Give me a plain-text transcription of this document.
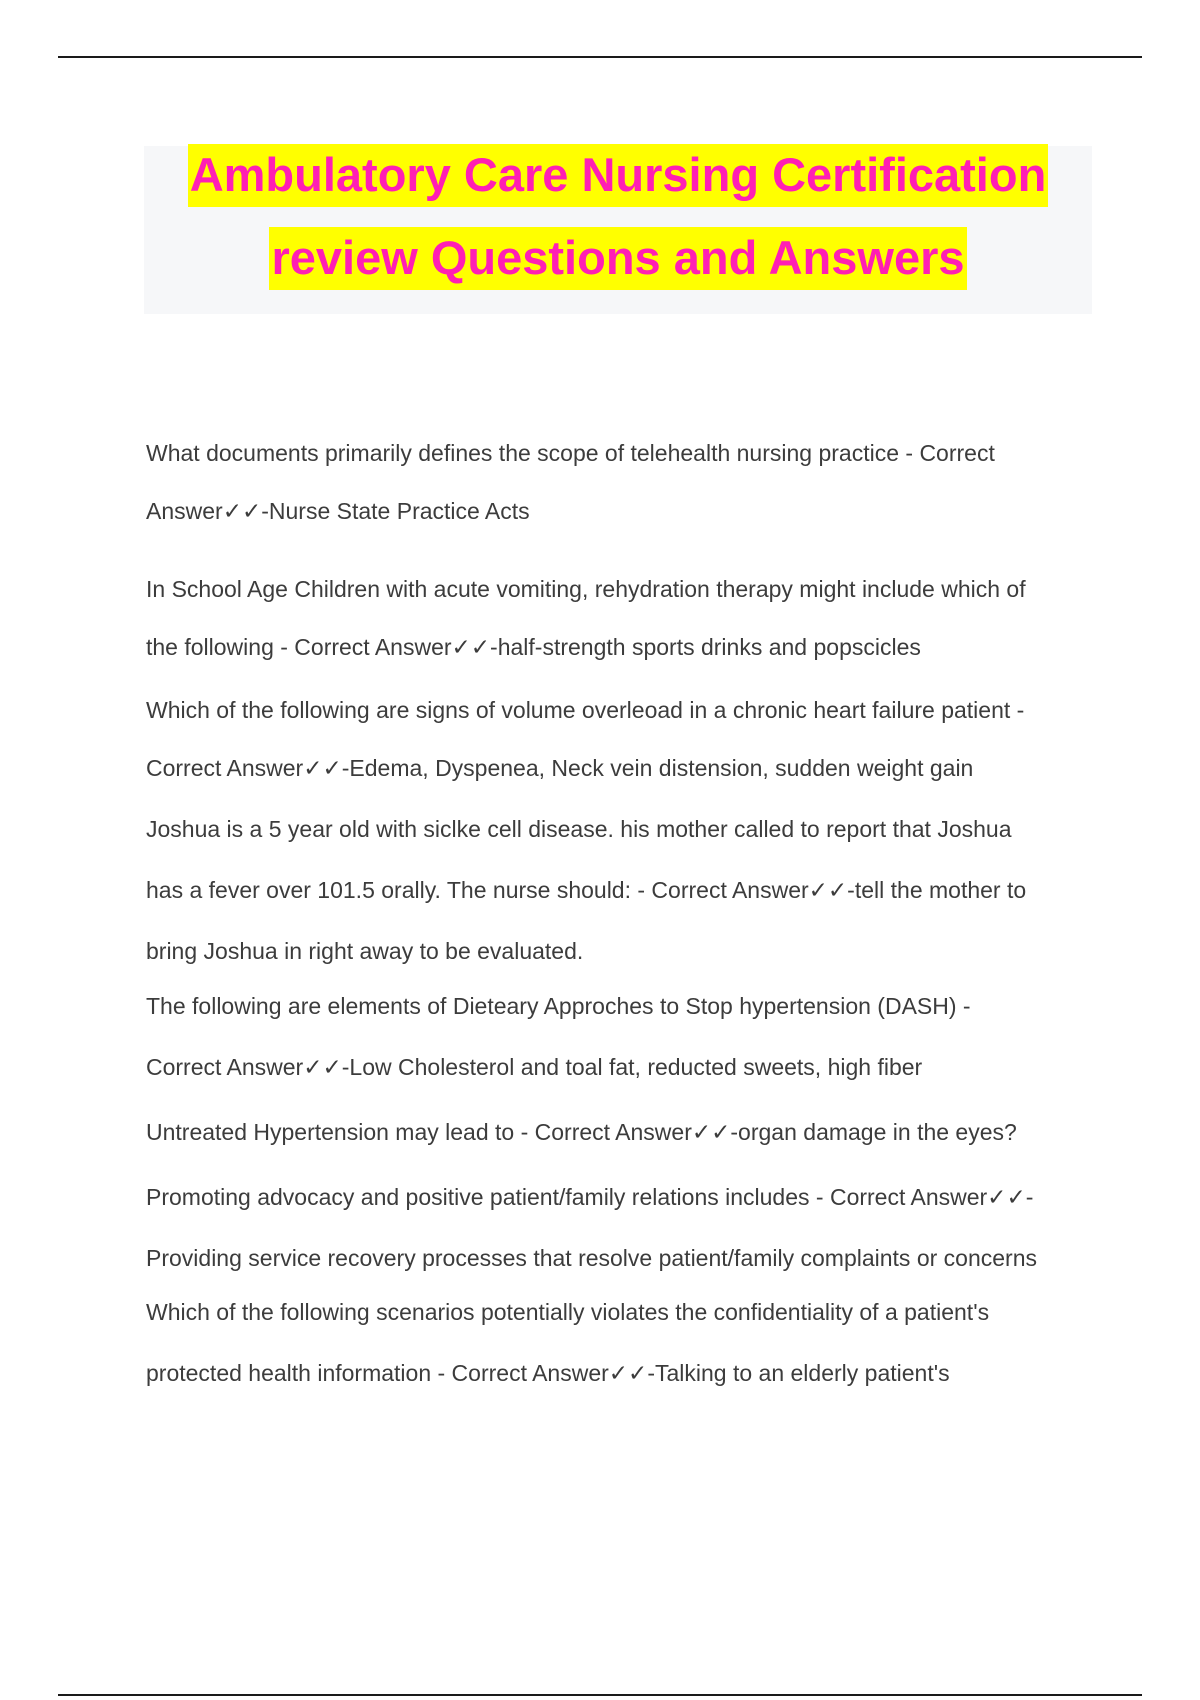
Ambulatory Care Nursing Certification
review Questions and Answers
What documents primarily defines the scope of telehealth nursing practice - Correct
Answer✓✓-Nurse State Practice Acts
In School Age Children with acute vomiting, rehydration therapy might include which of
the following - Correct Answer✓✓-half-strength sports drinks and popscicles
Which of the following are signs of volume overleoad in a chronic heart failure patient -
Correct Answer✓✓-Edema, Dyspenea, Neck vein distension, sudden weight gain
Joshua is a 5 year old with siclke cell disease. his mother called to report that Joshua
has a fever over 101.5 orally. The nurse should: - Correct Answer✓✓-tell the mother to
bring Joshua in right away to be evaluated.
The following are elements of Dieteary Approches to Stop hypertension (DASH) -
Correct Answer✓✓-Low Cholesterol and toal fat, reducted sweets, high fiber
Untreated Hypertension may lead to - Correct Answer✓✓-organ damage in the eyes?
Promoting advocacy and positive patient/family relations includes - Correct Answer✓✓-
Providing service recovery processes that resolve patient/family complaints or concerns
Which of the following scenarios potentially violates the confidentiality of a patient's
protected health information - Correct Answer✓✓-Talking to an elderly patient's
